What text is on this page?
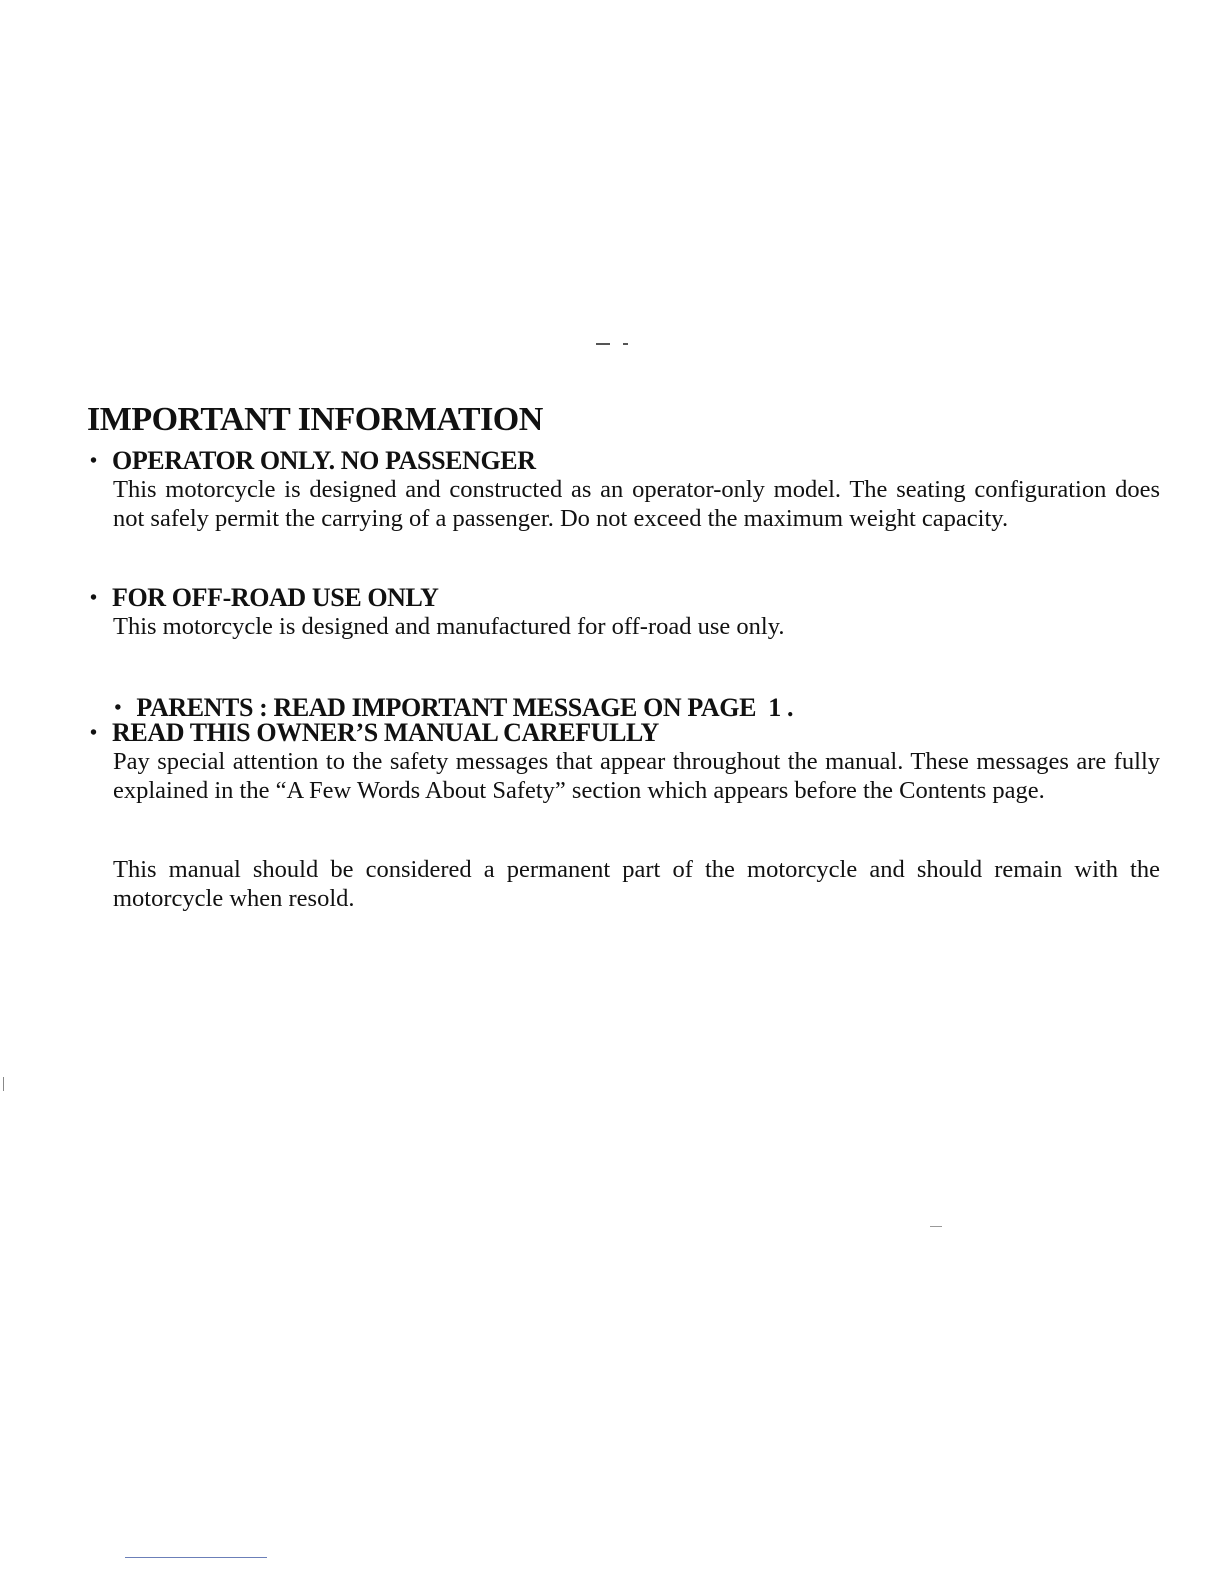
IMPORTANT INFORMATION

• OPERATOR ONLY. NO PASSENGER

This motorcycle is designed and constructed as an operator-only model. The seating configuration does not safely permit the carrying of a passenger. Do not exceed the maximum weight capacity.

• FOR OFF-ROAD USE ONLY

This motorcycle is designed and manufactured for off-road use only.

• PARENTS : READ IMPORTANT MESSAGE ON PAGE  1 .

• READ THIS OWNER’S MANUAL CAREFULLY

Pay special attention to the safety messages that appear throughout the manual. These messages are fully explained in the “A Few Words About Safety” section which appears before the Contents page.

This manual should be considered a permanent part of the motorcycle and should remain with the motorcycle when resold.
